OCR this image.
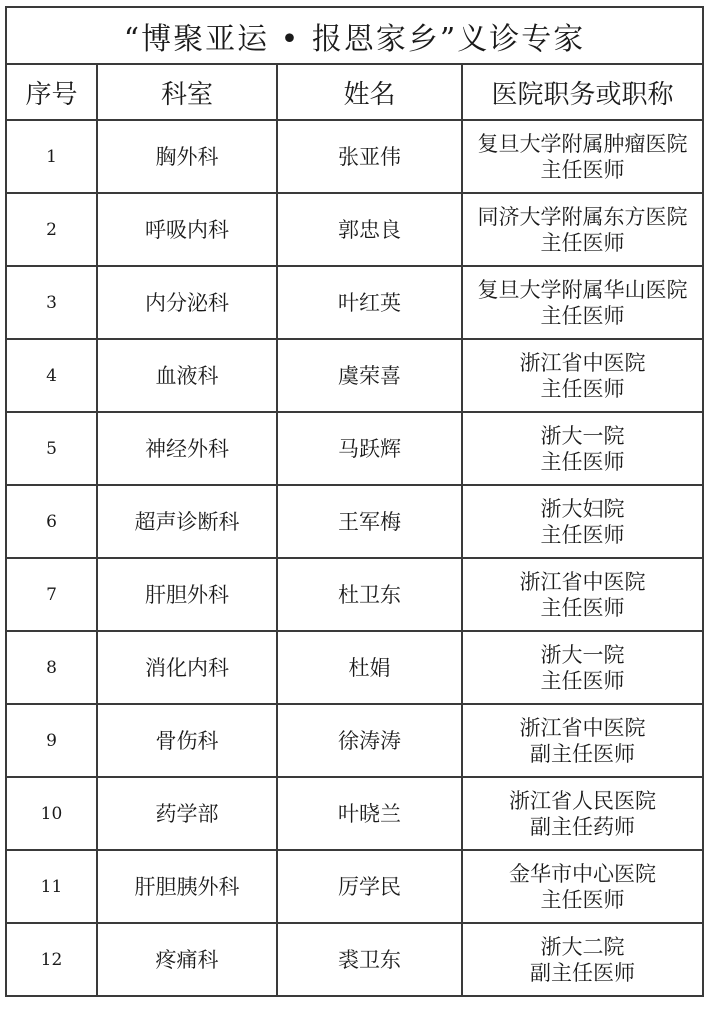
“博聚亚运 • 报恩家乡”义诊专家			
序号	科室	姓名	医院职务或职称
1	胸外科	张亚伟	复旦大学附属肿瘤医院
主任医师

2	呼吸内科	郭忠良	同济大学附属东方医院
主任医师

3	内分泌科	叶红英	复旦大学附属华山医院
主任医师

4	血液科	虞荣喜	浙江省中医院
主任医师

5	神经外科	马跃辉	浙大一院
主任医师

6	超声诊断科	王军梅	浙大妇院
主任医师

7	肝胆外科	杜卫东	浙江省中医院
主任医师

8	消化内科	杜娟	浙大一院
主任医师

9	骨伤科	徐涛涛	浙江省中医院
副主任医师

10	药学部	叶晓兰	浙江省人民医院
副主任药师

11	肝胆胰外科	厉学民	金华市中心医院
主任医师

12	疼痛科	裘卫东	浙大二院
副主任医师
